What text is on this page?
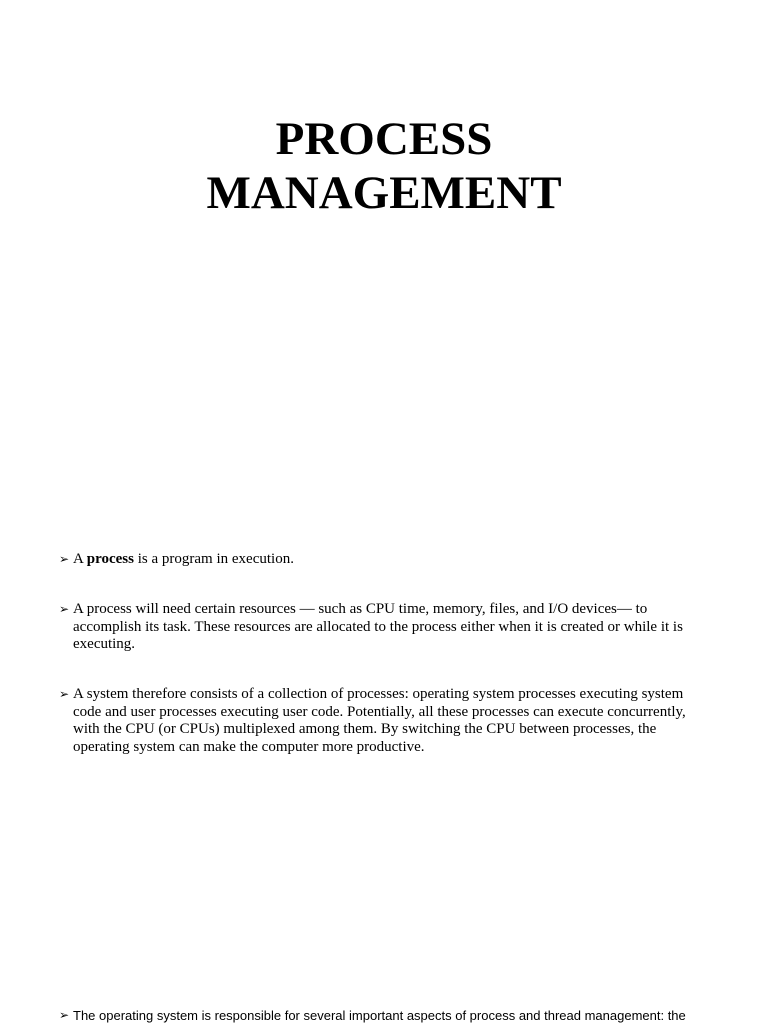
PROCESS
MANAGEMENT

➢ A process is a program in execution.

➢ A process will need certain resources — such as CPU time, memory, files, and I/O devices— to accomplish its task. These resources are allocated to the process either when it is created or while it is executing.

➢ A system therefore consists of a collection of processes: operating system processes executing system code and user processes executing user code. Potentially, all these processes can execute concurrently, with the CPU (or CPUs) multiplexed among them. By switching the CPU between processes, the operating system can make the computer more productive.

➢ The operating system is responsible for several important aspects of process and thread management: the
